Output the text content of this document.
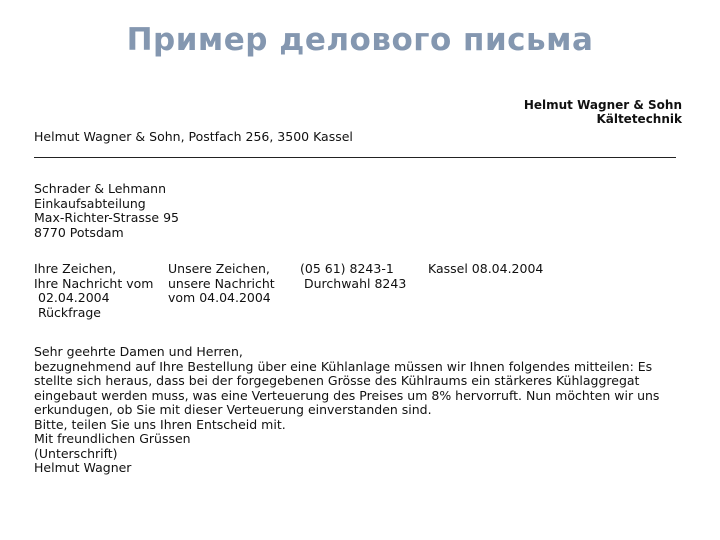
Пример делового письма
Helmut Wagner & Sohn
Kältetechnik
Helmut Wagner & Sohn, Postfach 256, 3500 Kassel
Schrader & Lehmann
Einkaufsabteilung
Max-Richter-Strasse 95
8770 Potsdam
Ihre Zeichen,
Ihre Nachricht vom
02.04.2004
Rückfrage
Unsere Zeichen,
unsere Nachricht
vom 04.04.2004
(05 61) 8243-1
Durchwahl 8243
Kassel 08.04.2004
Sehr geehrte Damen und Herren,
bezugnehmend auf Ihre Bestellung über eine Kühlanlage müssen wir Ihnen folgendes mitteilen: Es stellte sich heraus, dass bei der forgegebenen Grösse des Kühlraums ein stärkeres Kühlaggregat eingebaut werden muss, was eine Verteuerung des Preises um 8% hervorruft. Nun möchten wir uns erkundugen, ob Sie mit dieser Verteuerung einverstanden sind.
Bitte, teilen Sie uns Ihren Entscheid mit.
Mit freundlichen Grüssen
(Unterschrift)
Helmut Wagner
